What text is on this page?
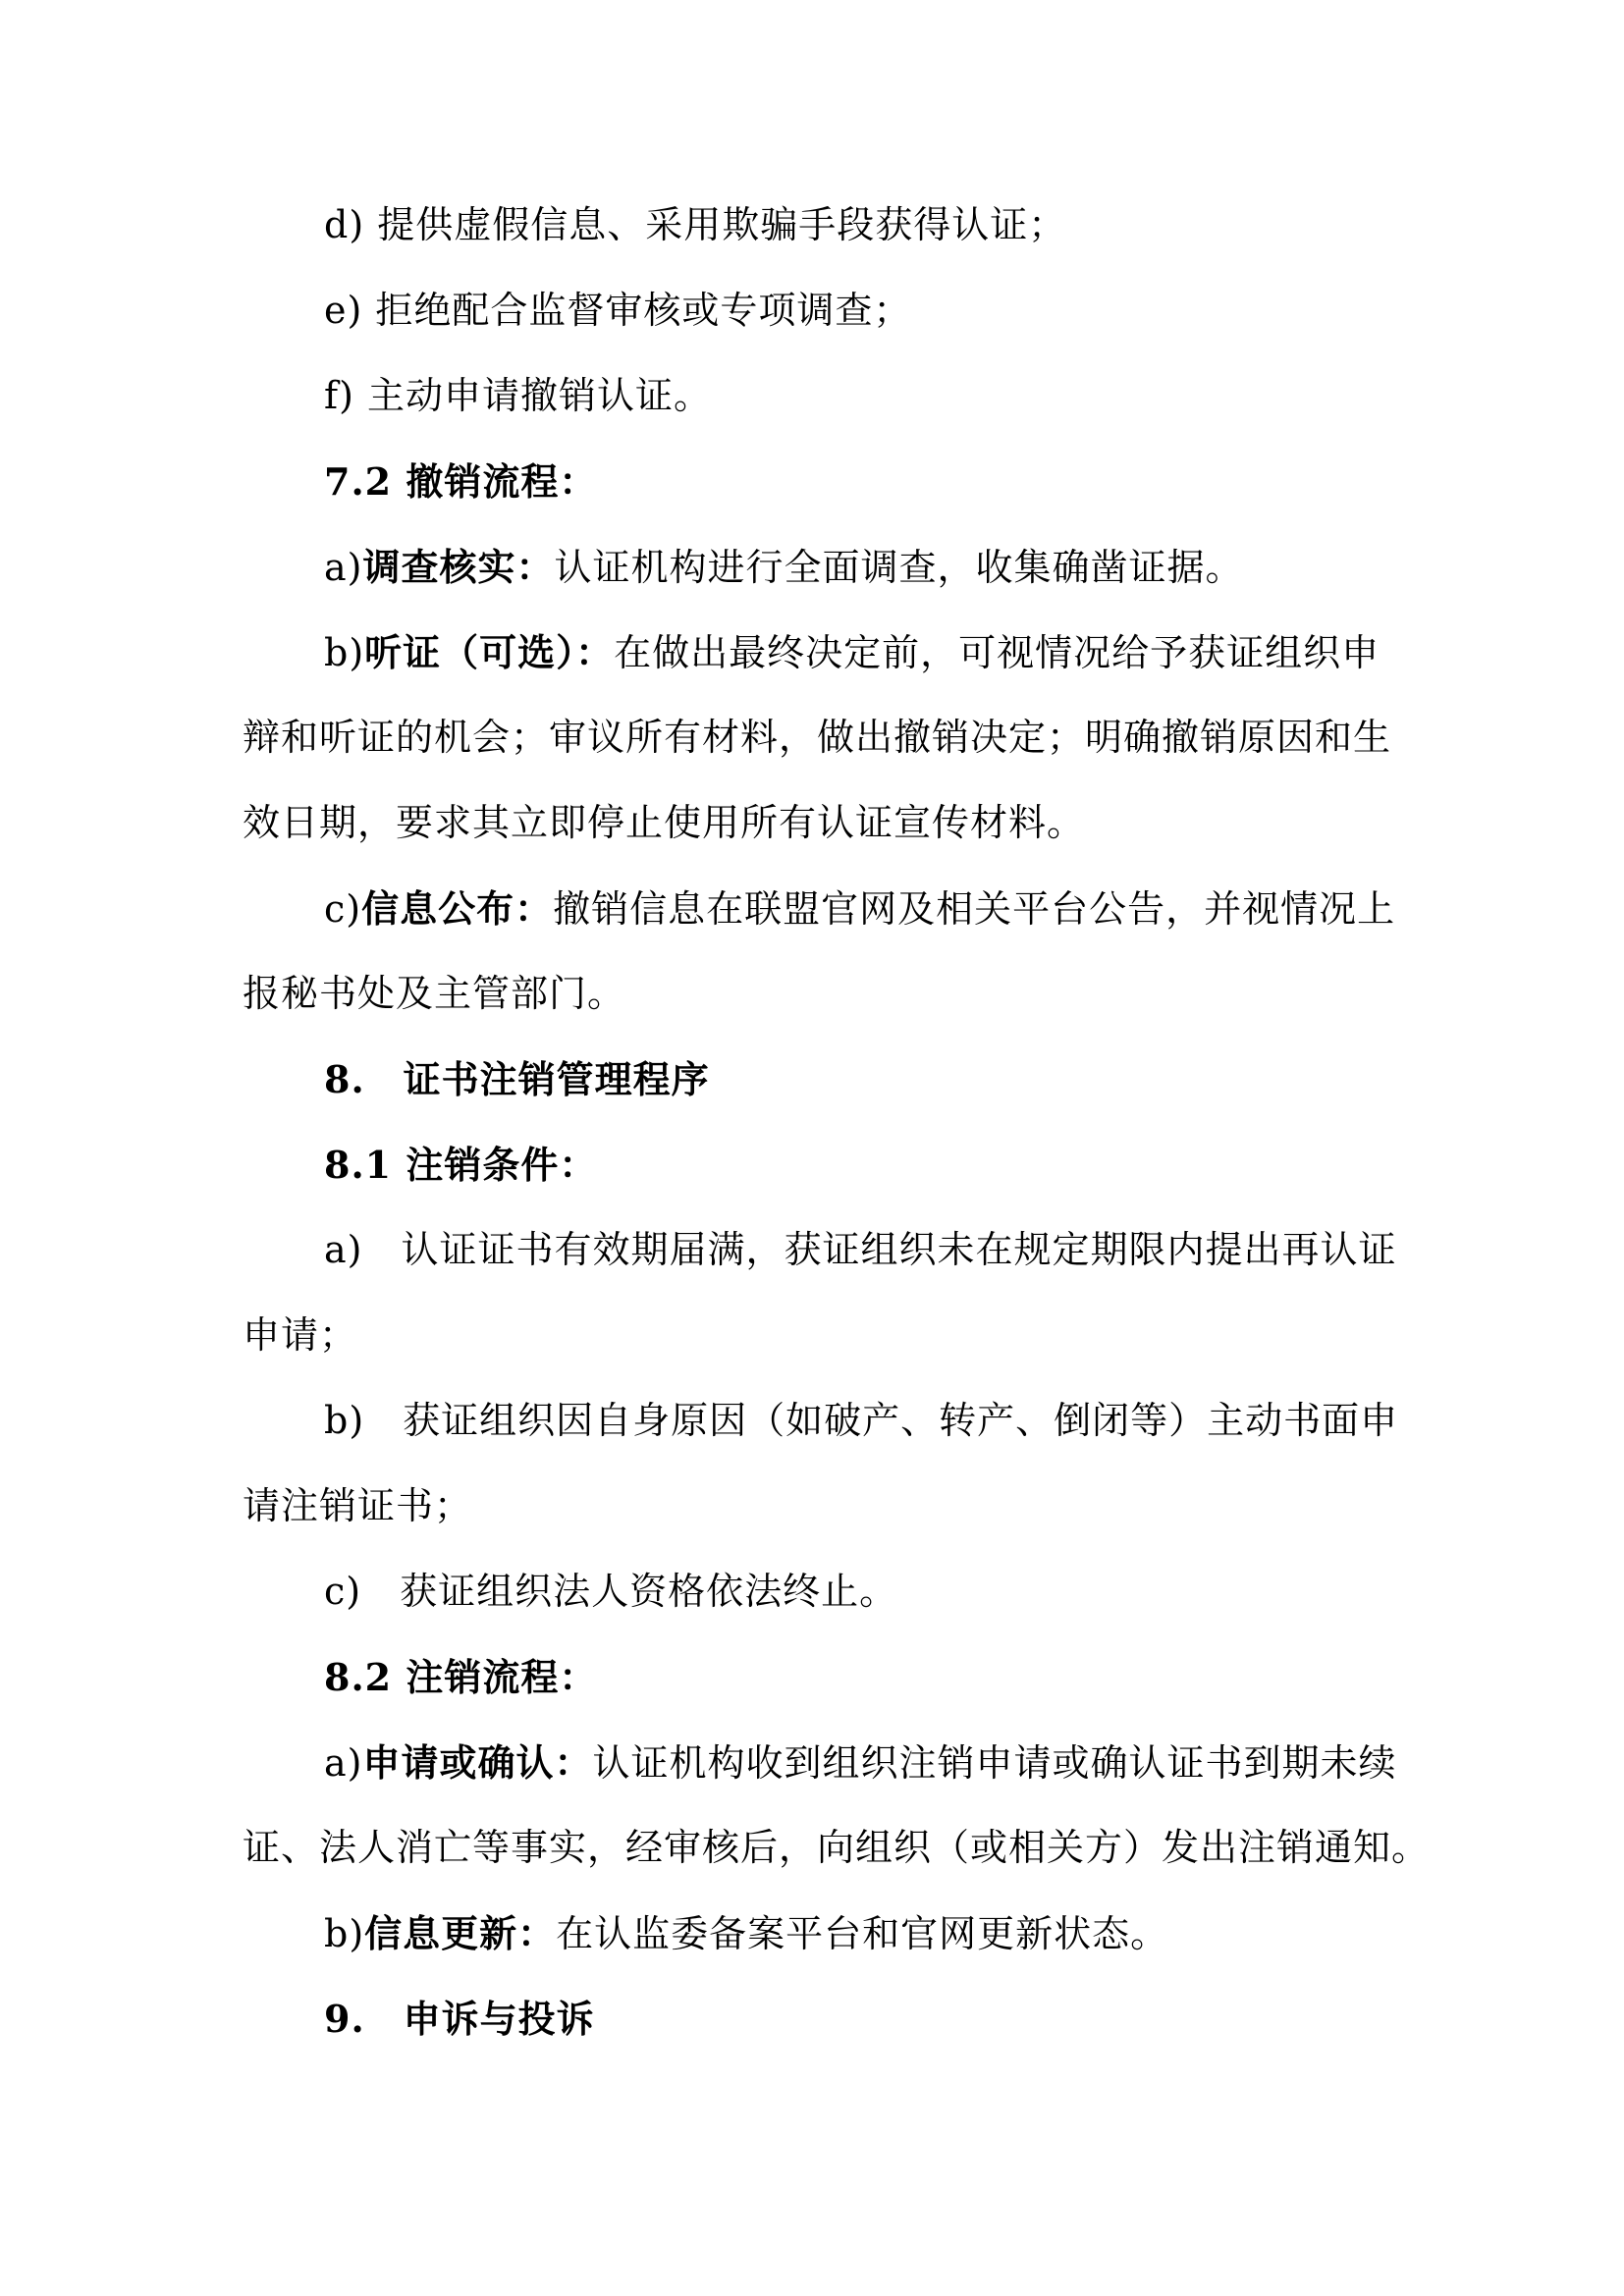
d) 提供虚假信息、采用欺骗手段获得认证；
e) 拒绝配合监督审核或专项调查；
f) 主动申请撤销认证。
7.2 撤销流程：
a)调查核实：认证机构进行全面调查，收集确凿证据。
b)听证（可选）：在做出最终决定前，可视情况给予获证组织申
辩和听证的机会；审议所有材料，做出撤销决定；明确撤销原因和生
效日期，要求其立即停止使用所有认证宣传材料。
c)信息公布：撤销信息在联盟官网及相关平台公告，并视情况上
报秘书处及主管部门。
8.　证书注销管理程序
8.1 注销条件：
a)　认证证书有效期届满，获证组织未在规定期限内提出再认证
申请；
b)　获证组织因自身原因（如破产、转产、倒闭等）主动书面申
请注销证书；
c)　获证组织法人资格依法终止。
8.2 注销流程：
a)申请或确认：认证机构收到组织注销申请或确认证书到期未续
证、法人消亡等事实，经审核后，向组织（或相关方）发出注销通知。
b)信息更新：在认监委备案平台和官网更新状态。
9.　申诉与投诉
